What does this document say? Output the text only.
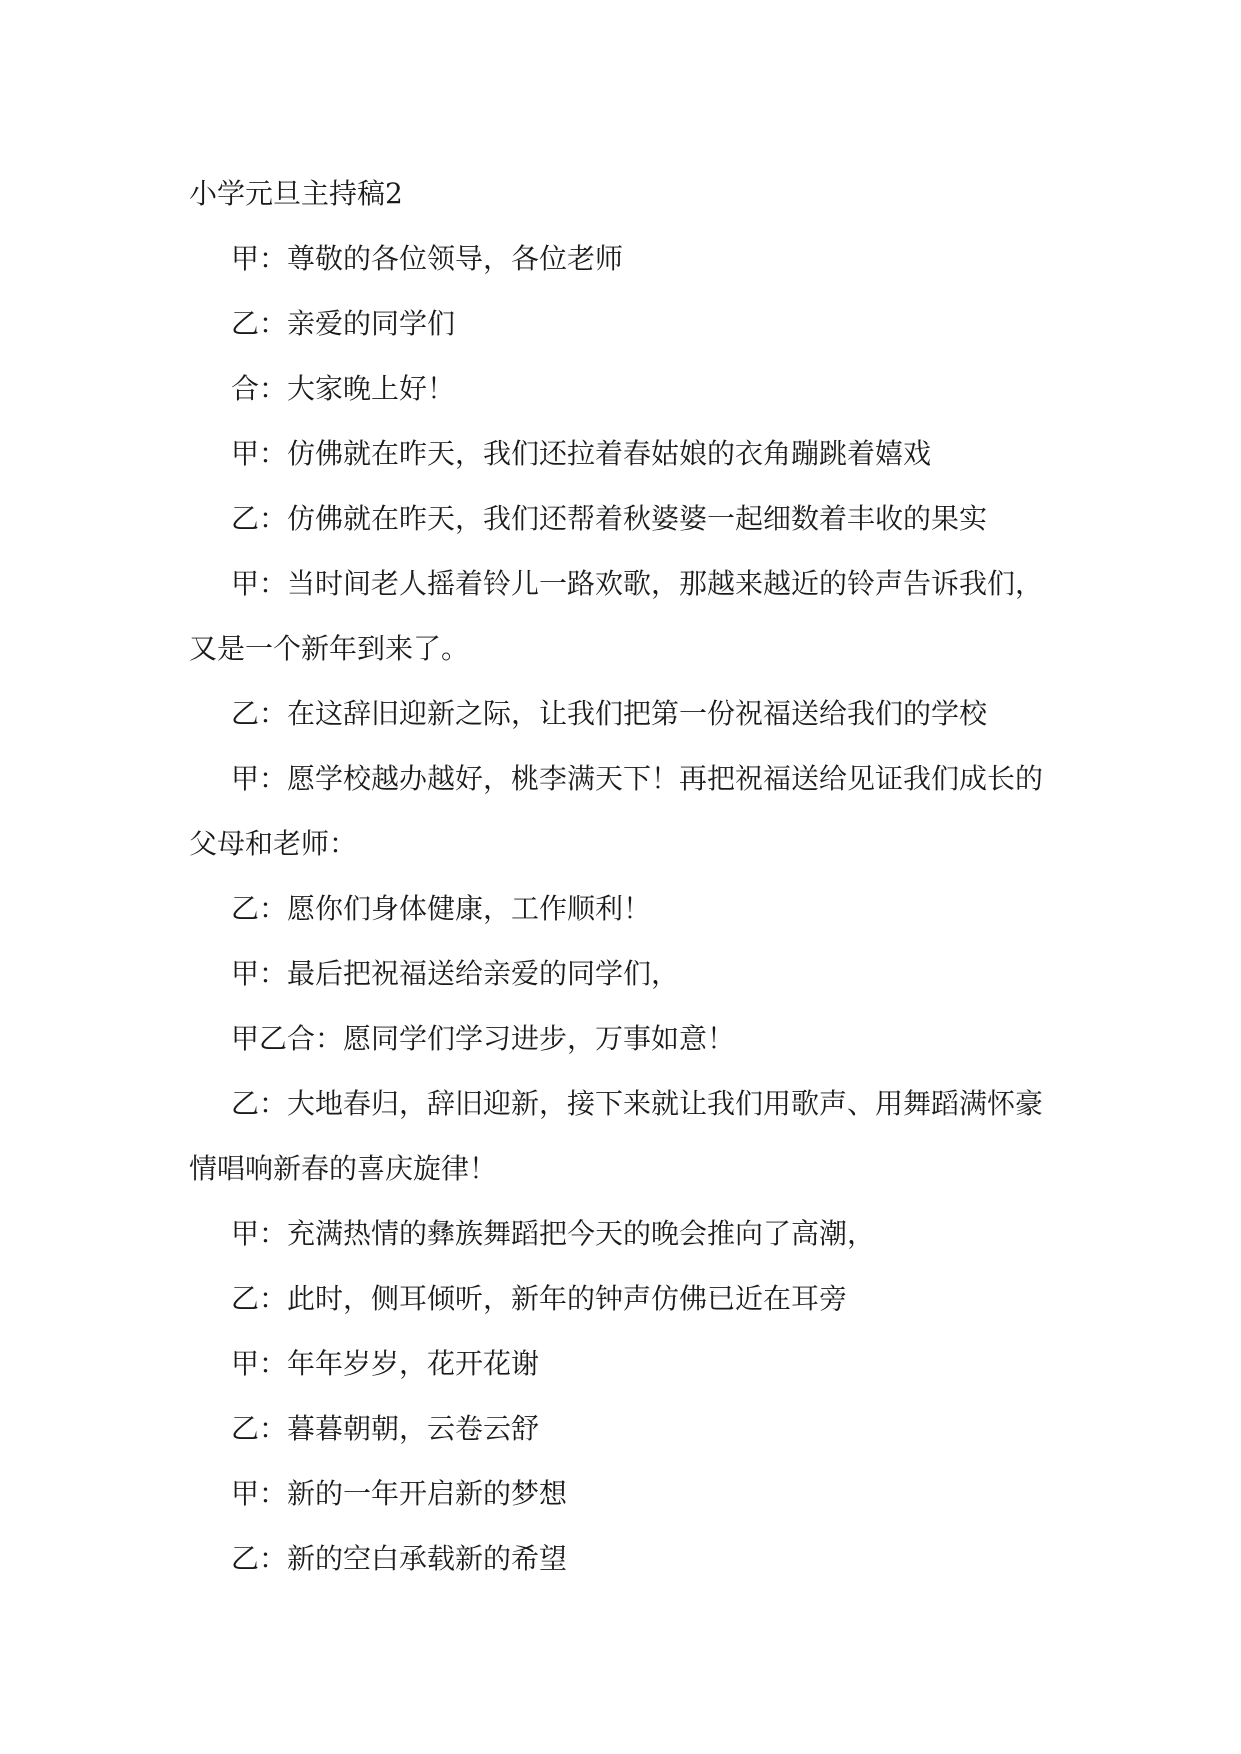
小学元旦主持稿2

甲：尊敬的各位领导，各位老师

乙：亲爱的同学们

合：大家晚上好！

甲：仿佛就在昨天，我们还拉着春姑娘的衣角蹦跳着嬉戏

乙：仿佛就在昨天，我们还帮着秋婆婆一起细数着丰收的果实

甲：当时间老人摇着铃儿一路欢歌，那越来越近的铃声告诉我们，又是一个新年到来了。

乙：在这辞旧迎新之际，让我们把第一份祝福送给我们的学校

甲：愿学校越办越好，桃李满天下！再把祝福送给见证我们成长的父母和老师：

乙：愿你们身体健康，工作顺利！

甲：最后把祝福送给亲爱的同学们，

甲乙合：愿同学们学习进步，万事如意！

乙：大地春归，辞旧迎新，接下来就让我们用歌声、用舞蹈满怀豪情唱响新春的喜庆旋律！

甲：充满热情的彝族舞蹈把今天的晚会推向了高潮，

乙：此时，侧耳倾听，新年的钟声仿佛已近在耳旁

甲：年年岁岁，花开花谢

乙：暮暮朝朝，云卷云舒

甲：新的一年开启新的梦想

乙：新的空白承载新的希望
